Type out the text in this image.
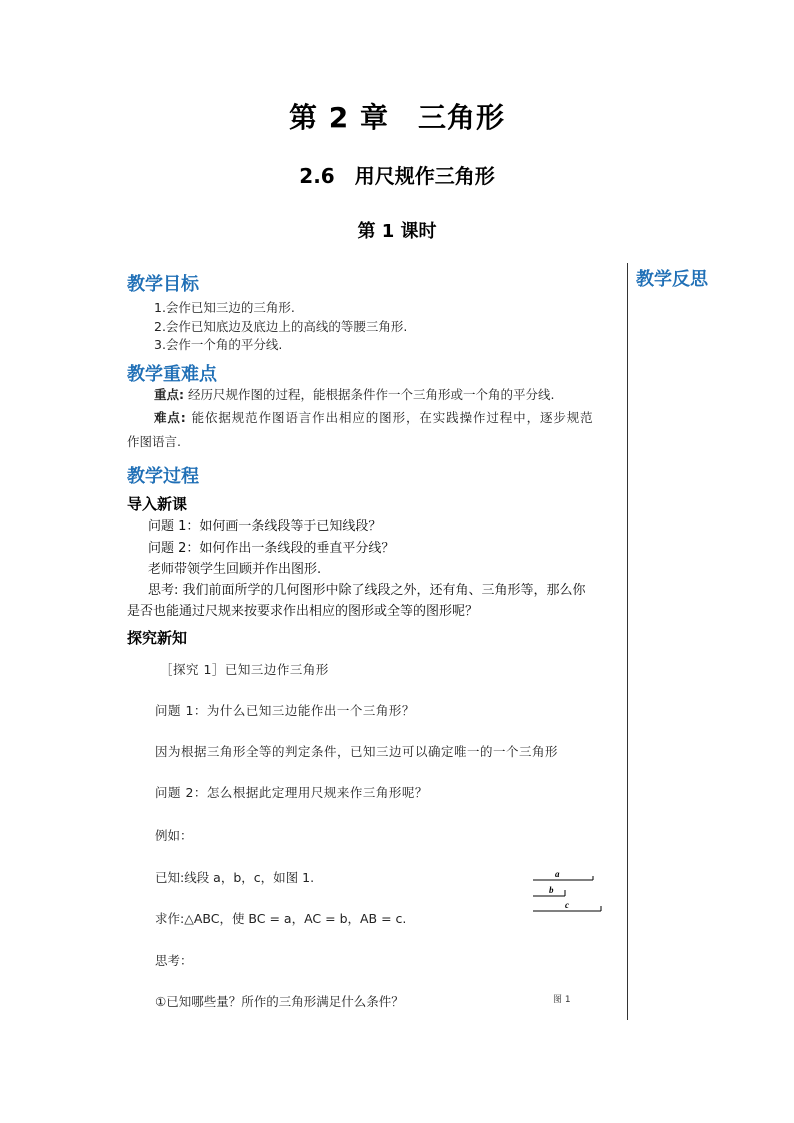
第 2 章　三角形
2.6　用尺规作三角形
第 1 课时
教学反思
教学目标
1.会作已知三边的三角形.
2.会作已知底边及底边上的高线的等腰三角形.
3.会作一个角的平分线.
教学重难点
重点: 经历尺规作图的过程，能根据条件作一个三角形或一个角的平分线.
难点: 能依据规范作图语言作出相应的图形，在实践操作过程中，逐步规范
作图语言.
教学过程
导入新课
问题 1：如何画一条线段等于已知线段？
问题 2：如何作出一条线段的垂直平分线？
老师带领学生回顾并作出图形.
思考: 我们前面所学的几何图形中除了线段之外，还有角、三角形等，那么你
是否也能通过尺规来按要求作出相应的图形或全等的图形呢？
探究新知
［探究 1］已知三边作三角形
问题 1：为什么已知三边能作出一个三角形？
因为根据三角形全等的判定条件，已知三边可以确定唯一的一个三角形
问题 2：怎么根据此定理用尺规来作三角形呢？
例如：
已知:线段 a，b，c，如图 1.
求作:△ABC，使 BC = a，AC = b，AB = c.
思考：
①已知哪些量？所作的三角形满足什么条件？
a
b
c
图 1
